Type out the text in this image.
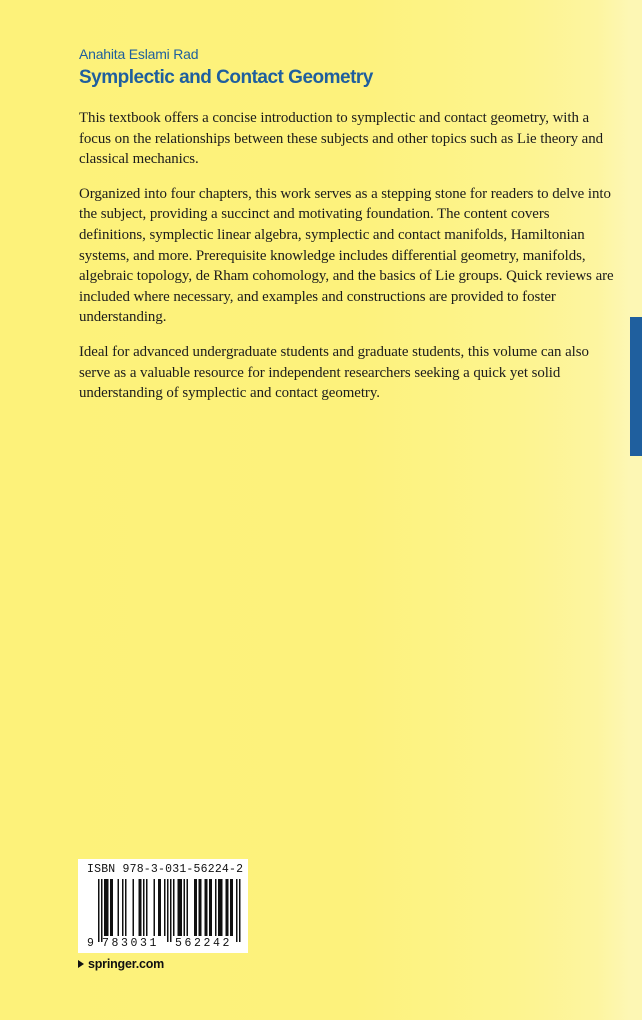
Anahita Eslami Rad
Symplectic and Contact Geometry

This textbook offers a concise introduction to symplectic and contact geometry, with a focus on the relationships between these subjects and other topics such as Lie theory and classical mechanics.

Organized into four chapters, this work serves as a stepping stone for readers to delve into the subject, providing a succinct and motivating foundation. The content covers definitions, symplectic linear algebra, symplectic and contact manifolds, Hamiltonian systems, and more. Prerequisite knowledge includes differential geometry, manifolds, algebraic topology, de Rham cohomology, and the basics of Lie groups. Quick reviews are included where necessary, and examples and constructions are provided to foster understanding.

Ideal for advanced undergraduate students and graduate students, this volume can also serve as a valuable resource for independent researchers seeking a quick yet solid understanding of symplectic and contact geometry.

ISBN 978-3-031-56224-2
9 783031 562242
springer.com
